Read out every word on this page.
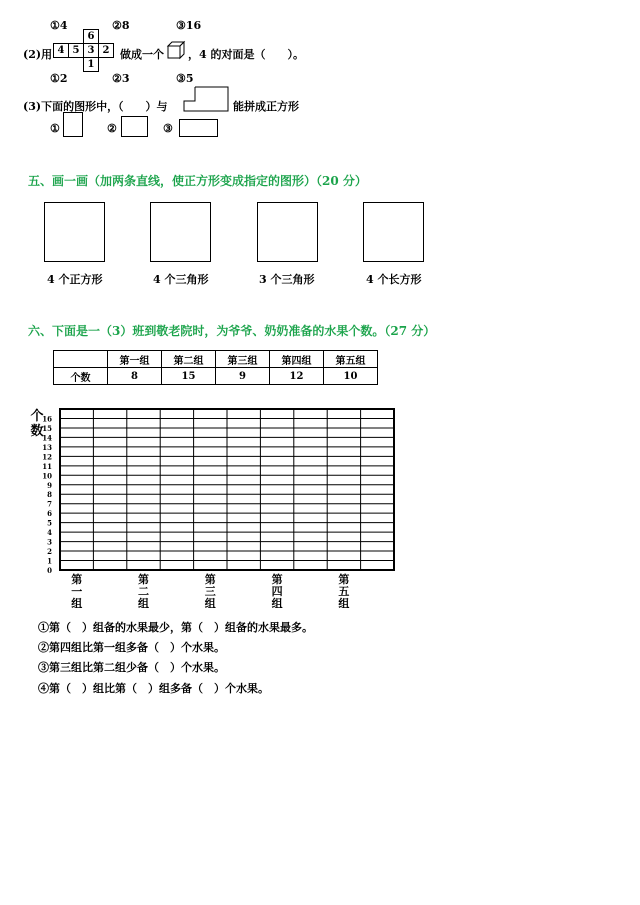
①4	②8	③16
(2)用
		6	
4	5	3	2
		1	
做成一个 ，4 的对面是（　　）。
①2	②3	③5
(3)下面的图形中，（　　）与	能拼成正方形
①	②	③
五、画一画（加两条直线，使正方形变成指定的图形）（20 分）
4 个正方形	4 个三角形	3 个三角形	4 个长方形
六、下面是一（3）班到敬老院时，为爷爷、奶奶准备的水果个数。（27 分）
	第一组	第二组	第三组	第四组	第五组
个数	8	15	9	12	10
0
1
2
3
4
5
6
7
8
9
10
11
12
13
14
15
16
个
数
第
一
组
第
二
组
第
三
组
第
四
组
第
五
组
①第（　）组备的水果最少，第（　）组备的水果最多。
②第四组比第一组多备（　）个水果。
③第三组比第二组少备（　）个水果。
④第（　）组比第（　）组多备（　）个水果。
